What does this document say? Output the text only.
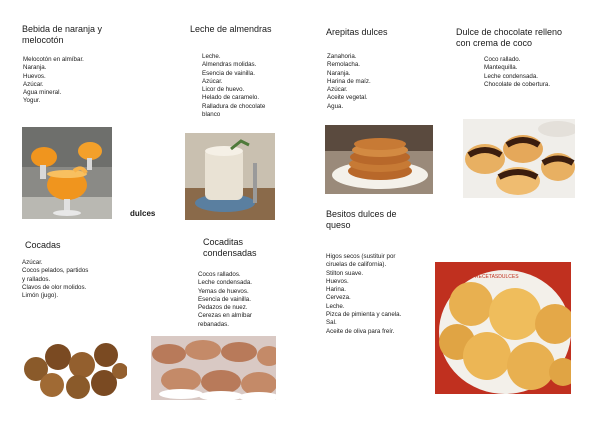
Bebida de naranja y melocotón
Leche de almendras	Arepitas dulces	Dulce de chocolate relleno con crema de coco
Cocadas	Cocaditas condensadas
Besitos dulces de queso
dulces
Melocotón en almíbar.
Naranja.
Huevos.
Azúcar.
Agua mineral.
Yogur.
Leche.
Almendras molidas.
Esencia de vainilla.
Azúcar.
Licor de huevo.
Helado de caramelo.
Ralladura de chocolate blanco
Zanahoria.
Remolacha.
Naranja.
Harina de maíz.
Azúcar.
Aceite vegetal.
Agua.
Coco rallado.
Mantequilla.
Leche condensada.
Chocolate de cobertura.
Azúcar.
Cocos pelados, partidos y rallados.
Clavos de olor molidos.
Limón (jugo).
Cocos rallados.
Leche condensada.
Yemas de huevos.
Esencia de vainilla.
Pedazos de nuez.
Cerezas en almíbar rebanadas.
Higos secos (sustituir por ciruelas de california).
Stilton suave.
Huevos.
Harina.
Cerveza.
Leche.
Pizca de pimienta y canela.
Sal.
Aceite de oliva para freír.
RECETASDULCES
